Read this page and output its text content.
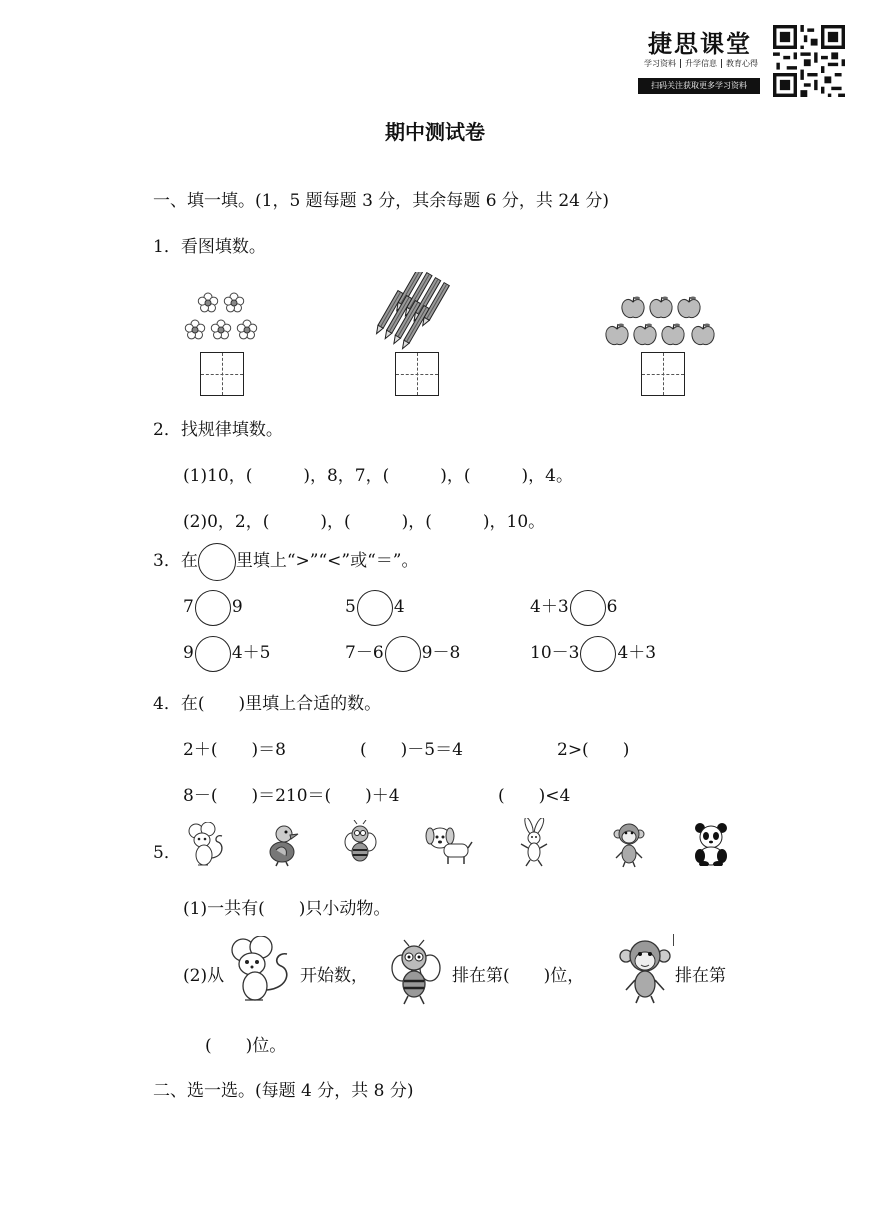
捷思课堂
学习资料 升学信息 教育心得
扫码关注获取更多学习资料
期中测试卷
一、填一填。(1，5 题每题 3 分，其余每题 6 分，共 24 分)
1．看图填数。
2．找规律填数。
(1)10，(　　　)，8，7，(　　　)，(　　　)，4。
(2)0，2，(　　　)，(　　　)，(　　　)，10。
3．在 里填上“>”“<”或“＝”。
7 9	5 4	4＋3 6
9 4＋5	7－6 9－8	10－3 4＋3
4．在(　　)里填上合适的数。
2＋(　　)＝8	(　　)－5＝4	2>(　　)
8－(　　)＝210＝(　　)＋4	(　　)<4
5．
(1)一共有(　　)只小动物。
(2)从	开始数，	排在第(　　)位，	排在第
(　　)位。
二、选一选。(每题 4 分，共 8 分)
